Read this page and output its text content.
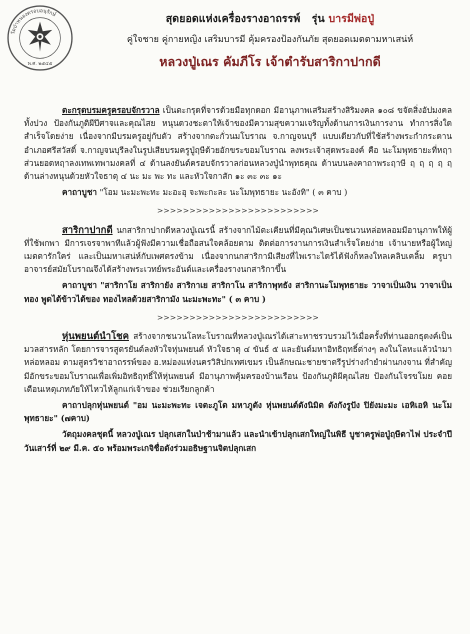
วัดป่าหนองตรอบอนุรักษ์
พ.ศ. ๒๕๔๕
สุดยอดแห่งเครื่องรางอาถรรพ์ รุ่น บารมีพ่อปู่
คู่ใจชาย คู่กายหญิง เสริมบารมี คุ้มครองป้องกันภัย สุดยอดเมตตามหาเสน่ห์
หลวงปู่เณร คัมภีโร เจ้าตำรับสาริกาปากดี

ตะกรุดบรมครูครอบจักรวาล เป็นตะกรุดที่จารด้วยมือทุกดอก มีอานุภาพเสริมสร้างสิริมงคล ๑๐๘ ขจัดสิ่งอัปมงคลทั้งปวง ป้องกันภูติผีปีศาจและคุณไสย หนุนดวงชะตาให้เจ้าของมีความสุขความเจริญทั้งด้านการเงินการงาน ทำการสิ่งใดสำเร็จโดยง่าย เนื่องจากมีบรมครูอยู่กับตัว สร้างจากตะกั่วนมโบราณ จ.กาญจนบุรี แบบเดียวกับที่ใช้สร้างพระกำกระดานอำเภอศรีสวัสดิ์ จ.กาญจนบุรีลงในรูปเสียบรมครูปู่ฤษีด้วยอักขระขอมโบราณ ลงพระเจ้าสุดพระองค์ คือ นะโมพุทธายะที่หฤา ส่วนยอดหฤาลงเทพเทพามงคลที่ ๔ ด้านลงยันต์ครอบจักรวาลก่อนหลวงปู่นำพุทธคุณ ด้านบนลงคาถาพระฤาษี ฤ ฤ ฤ ฤ ฤ ด้านล่างหนุนด้วยหัวใจธาตุ ๔ นะ มะ พะ ทะ และหัวใจกาสัก ๑ะ ๓ะ ๓ะ ๑ะ

คาถาบูชา "โอม นะมะพะทะ มะอะอุ จะพะกะละ นะโมพุทธายะ นะอังทิ" ( ๓ คาบ )

>>>>>>>>>>>>>>>>>>>>>>>>>

สาริกาปากดี นกสาริกาปากดีหลวงปู่เณรนี้ สร้างจากไม้ตะเคียนที่มีคุณวิเศษเป็นชนวนหล่อหลอมมีอานุภาพให้ผู้ที่ใช้พกพา มีการเจรจาพาทีแล้วผู้ฟังมีความเชื่อถือสนใจคล้อยตาม ติดต่อการงานการเงินสำเร็จโดยง่าย เจ้านายหรือผู้ใหญ่เมตตารักใคร่ และเป็นมหาเสน่ห์กับเพศตรงข้าม เนื่องจากนกสาริกามีเสียงที่ไพเราะไดร้ได้ฟังก็หลงใหลเคลิบเคลิ้ม ครูบาอาจารย์สมัยโบราณจึงได้สร้างพระเวทย์พระอันต์และเครื่องรางนกสาริกาขึ้น

คาถาบูชา "สาริกาโย สาริกายัง สาริกาเย สาริกาโน สาริกาพุทธัง สาริกานะโมพุทธายะ วาจาเป็นเงิน วาจาเป็นทอง พูดได้ข้าวได้ของ ทองไหลด้วยสาริกามัง นะมะพะทะ" ( ๓ คาบ )

>>>>>>>>>>>>>>>>>>>>>>>>>

หุ่นพยนต์นำโชค สร้างจากชนวนโลหะโบราณที่หลวงปู่เณรได้เสาะหาชรวบรวมไว้เมื่อครั้งที่ท่านออกธุดงค์เป็นมวลสารหลัก โดยการจารสูตรยันต์ลงหัวใจหุ่นพยนต์ หัวใจธาตุ ๔ ขันธ์ ๕ และยันต์มหาอิทธิฤทธิ์ต่างๆ ลงในโลหะแล้วนำมาหล่อหลอม ตามสูตรวิชาอาถรรพ์ของ อ.หม่องแห่งนครวิสิปกเทศเขมร เป็นลักษณะชายชาตรีรูปร่างกำยำผ่านกงจาน ที่สำคัญมีอักขระขอมโบราณเพื่อเพิ่มอิทธิฤทธิ์ให้หุ่นพยนต์ มีอานุภาพคุ้มครองบ้านเรือน ป้องกันภูติผีคุณไสย ป้องกันโจรขโมย คอยเตือนเหตุเภทภัยให้ไหวไห้ลูกแก่เจ้าของ ช่วยเรียกลูกค้า

คาถาปลุกหุ่นพยนต์ "อม นะมะพะทะ เจตะภูโต มหาภูตัง หุ่นพยนต์ตังนิมิต ตังกังรูปัง ปิยังมะมะ เอหิเอหิ นะโมพุทธายะ" (๗คาบ)

วัตถุมงคลชุดนี้ หลวงปู่เณร ปลุกเสกในป่าช้ามาแล้ว และนำเข้าปลุกเสกใหญ่ในพิธี บูชาครูพ่อปู่ฤษีตาไฟ ประจำปี วันเสาร์ที่ ๒๙ มี.ค. ๕๐ พร้อมพระเกจิชื่อดังร่วมอธิษฐานจิตปลุกเสก
